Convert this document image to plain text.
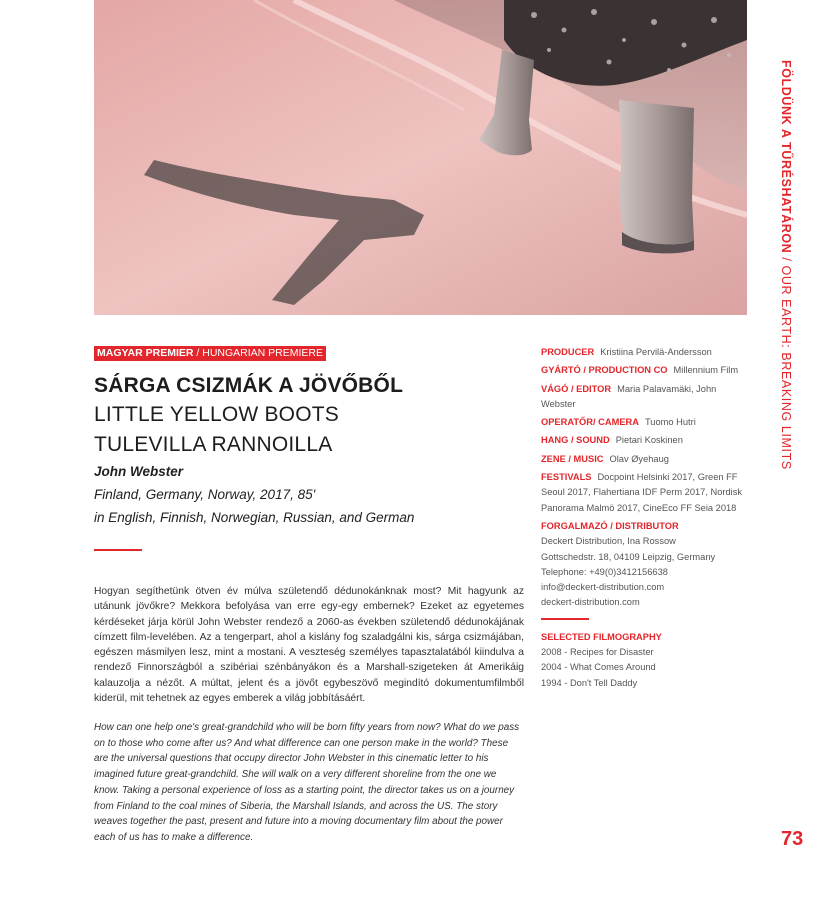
FÖLDÜNK A TŰRÉSHATÁRON / OUR EARTH: BREAKING LIMITS
73
MAGYAR PREMIER / HUNGARIAN PREMIERE
SÁRGA CSIZMÁK A JÖVŐBŐL
LITTLE YELLOW BOOTS
TULEVILLA RANNOILLA
John Webster
Finland, Germany, Norway, 2017, 85'
in English, Finnish, Norwegian, Russian, and German
Hogyan segíthetünk ötven év múlva születendő dédunokánknak most? Mit hagyunk az utánunk jövőkre? Mekkora befolyása van erre egy-egy embernek? Ezeket az egyetemes kérdéseket járja körül John Webster rendező a 2060-as években születendő dédunokájának címzett film-levelében. Az a tengerpart, ahol a kislány fog szaladgálni kis, sárga csizmájában, egészen másmilyen lesz, mint a mostani. A veszteség személyes tapasztalatából kiindulva a rendező Finnországból a szibériai szénbányákon és a Marshall-szigeteken át Amerikáig kalauzolja a nézőt. A múltat, jelent és a jövőt egybeszövő megindító dokumentumfilmből kiderül, mit tehetnek az egyes emberek a világ jobbításáért.
How can one help one's great-grandchild who will be born fifty years from now? What do we pass on to those who come after us? And what difference can one person make in the world? These are the universal questions that occupy director John Webster in this cinematic letter to his imagined future great-grandchild. She will walk on a very different shoreline from the one we know. Taking a personal experience of loss as a starting point, the director takes us on a journey from Finland to the coal mines of Siberia, the Marshall Islands, and across the US. The story weaves together the past, present and future into a moving documentary film about the power each of us has to make a difference.
PRODUCER Kristiina Pervilä-Andersson
GYÁRTÓ / PRODUCTION CO Millennium Film
VÁGÓ / EDITOR Maria Palavamäki, John Webster
OPERATŐR/ CAMERA Tuomo Hutri
HANG / SOUND Pietari Koskinen
ZENE / MUSIC Olav Øyehaug
FESTIVALS Docpoint Helsinki 2017, Green FF Seoul 2017, Flahertiana IDF Perm 2017, Nordisk Panorama Malmö 2017, CineEco FF Seia 2018
FORGALMAZÓ / DISTRIBUTOR
Deckert Distribution, Ina Rossow
Gottschedstr. 18, 04109 Leipzig, Germany
Telephone: +49(0)3412156638
info@deckert-distribution.com
deckert-distribution.com
SELECTED FILMOGRAPHY
2008 - Recipes for Disaster
2004 - What Comes Around
1994 - Don't Tell Daddy
